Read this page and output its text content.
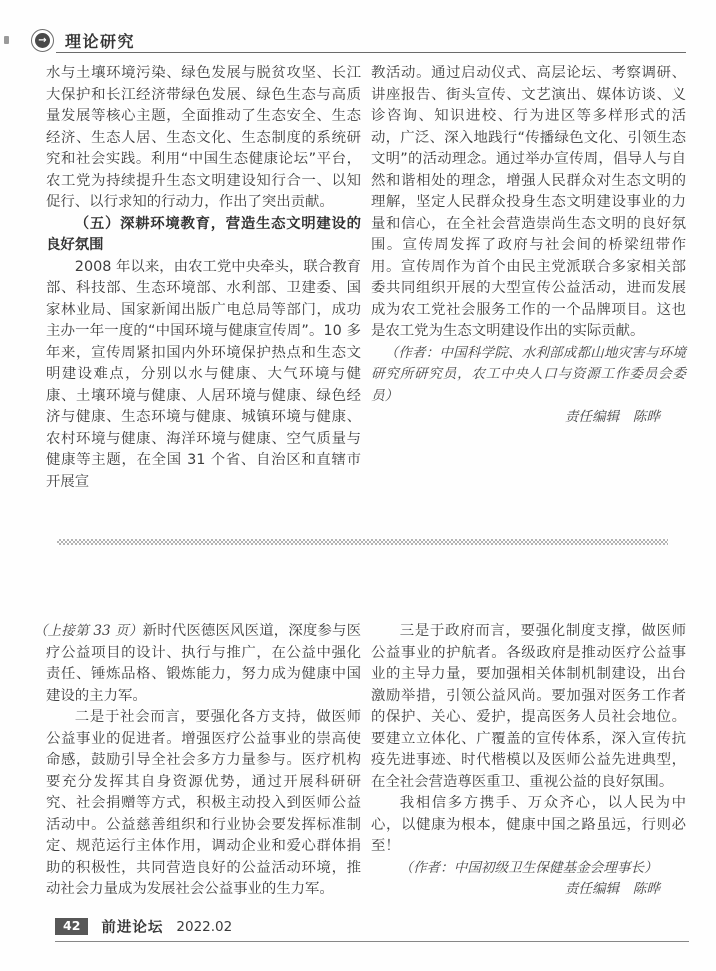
→ 理论研究

水与土壤环境污染、绿色发展与脱贫攻坚、长江大保护和长江经济带绿色发展、绿色生态与高质量发展等核心主题，全面推动了生态安全、生态经济、生态人居、生态文化、生态制度的系统研究和社会实践。利用“中国生态健康论坛”平台，农工党为持续提升生态文明建设知行合一、以知促行、以行求知的行动力，作出了突出贡献。

（五）深耕环境教育，营造生态文明建设的良好氛围

2008 年以来，由农工党中央牵头，联合教育部、科技部、生态环境部、水利部、卫建委、国家林业局、国家新闻出版广电总局等部门，成功主办一年一度的“中国环境与健康宣传周”。10 多年来，宣传周紧扣国内外环境保护热点和生态文明建设难点，分别以水与健康、大气环境与健康、土壤环境与健康、人居环境与健康、绿色经济与健康、生态环境与健康、城镇环境与健康、农村环境与健康、海洋环境与健康、空气质量与健康等主题，在全国 31 个省、自治区和直辖市开展宣

教活动。通过启动仪式、高层论坛、考察调研、讲座报告、街头宣传、文艺演出、媒体访谈、义诊咨询、知识进校、行为进区等多样形式的活动，广泛、深入地践行“传播绿色文化、引领生态文明”的活动理念。通过举办宣传周，倡导人与自然和谐相处的理念，增强人民群众对生态文明的理解，坚定人民群众投身生态文明建设事业的力量和信心，在全社会营造崇尚生态文明的良好氛围。宣传周发挥了政府与社会间的桥梁纽带作用。宣传周作为首个由民主党派联合多家相关部委共同组织开展的大型宣传公益活动，进而发展成为农工党社会服务工作的一个品牌项目。这也是农工党为生态文明建设作出的实际贡献。

（作者：中国科学院、水利部成都山地灾害与环境研究所研究员，农工中央人口与资源工作委员会委员）

责任编辑　陈晔

（上接第 33 页）新时代医德医风医道，深度参与医疗公益项目的设计、执行与推广，在公益中强化责任、锤炼品格、锻炼能力，努力成为健康中国建设的主力军。

二是于社会而言，要强化各方支持，做医师公益事业的促进者。增强医疗公益事业的崇高使命感，鼓励引导全社会多方力量参与。医疗机构要充分发挥其自身资源优势，通过开展科研研究、社会捐赠等方式，积极主动投入到医师公益活动中。公益慈善组织和行业协会要发挥标准制定、规范运行主体作用，调动企业和爱心群体捐助的积极性，共同营造良好的公益活动环境，推动社会力量成为发展社会公益事业的生力军。

三是于政府而言，要强化制度支撑，做医师公益事业的护航者。各级政府是推动医疗公益事业的主导力量，要加强相关体制机制建设，出台激励举措，引领公益风尚。要加强对医务工作者的保护、关心、爱护，提高医务人员社会地位。要建立立体化、广覆盖的宣传体系，深入宣传抗疫先进事迹、时代楷模以及医师公益先进典型，在全社会营造尊医重卫、重视公益的良好氛围。

我相信多方携手、万众齐心，以人民为中心，以健康为根本，健康中国之路虽远，行则必至！

（作者：中国初级卫生保健基金会理事长）

责任编辑　陈晔

42	前进论坛 2022.02
